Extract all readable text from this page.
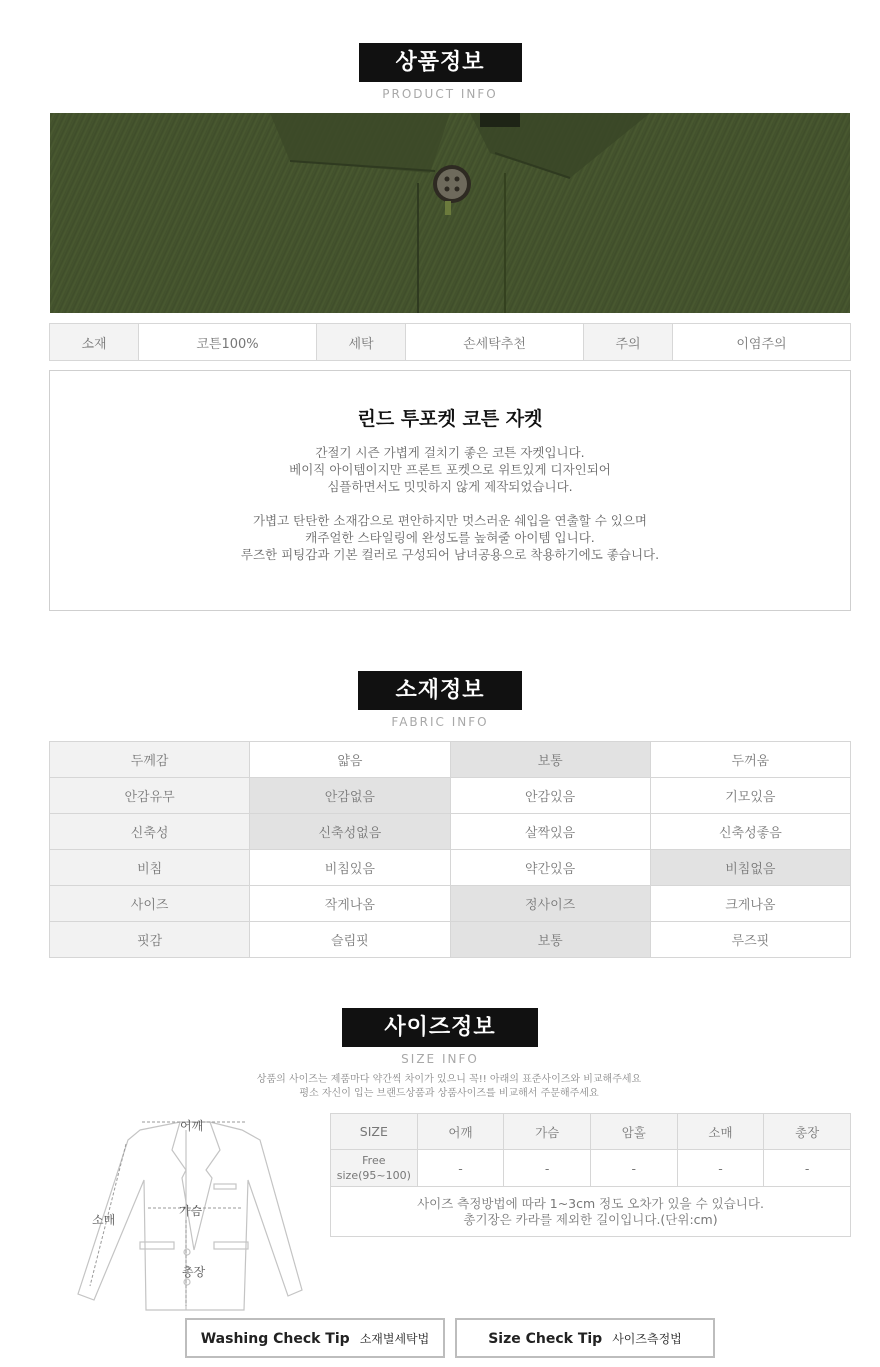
상품정보
PRODUCT INFO
소재	코튼100%	세탁	손세탁추천	주의	이염주의
린드 투포켓 코튼 자켓

간절기 시즌 가볍게 걸치기 좋은 코튼 자켓입니다.

베이직 아이템이지만 프론트 포켓으로 위트있게 디자인되어

심플하면서도 밋밋하지 않게 제작되었습니다.

가볍고 탄탄한 소재감으로 편안하지만 멋스러운 쉐입을 연출할 수 있으며

캐주얼한 스타일링에 완성도를 높혀줄 아이템 입니다.

루즈한 피팅감과 기본 컬러로 구성되어 남녀공용으로 착용하기에도 좋습니다.

소재정보
FABRIC INFO
두께감	얇음	보통	두꺼움
안감유무	안감없음	안감있음	기모있음
신축성	신축성없음	살짝있음	신축성좋음
비침	비침있음	약간있음	비침없음
사이즈	작게나옴	정사이즈	크게나옴
핏감	슬림핏	보통	루즈핏
사이즈정보
SIZE INFO
상품의 사이즈는 제품마다 약간씩 차이가 있으니 꼭!! 아래의 표준사이즈와 비교해주세요
평소 자신이 입는 브랜드상품과 상품사이즈를 비교해서 주문해주세요
어깨
소매
가슴
총장
SIZE	어깨	가슴	암홀	소매	총장

Free
size(95~100)	-	-	-	-	-

사이즈 측정방법에 따라 1~3cm 정도 오차가 있을 수 있습니다.
총기장은 카라를 제외한 길이입니다.(단위:cm)					
Washing Check Tip 소재별세탁법	Size Check Tip 사이즈측정법
